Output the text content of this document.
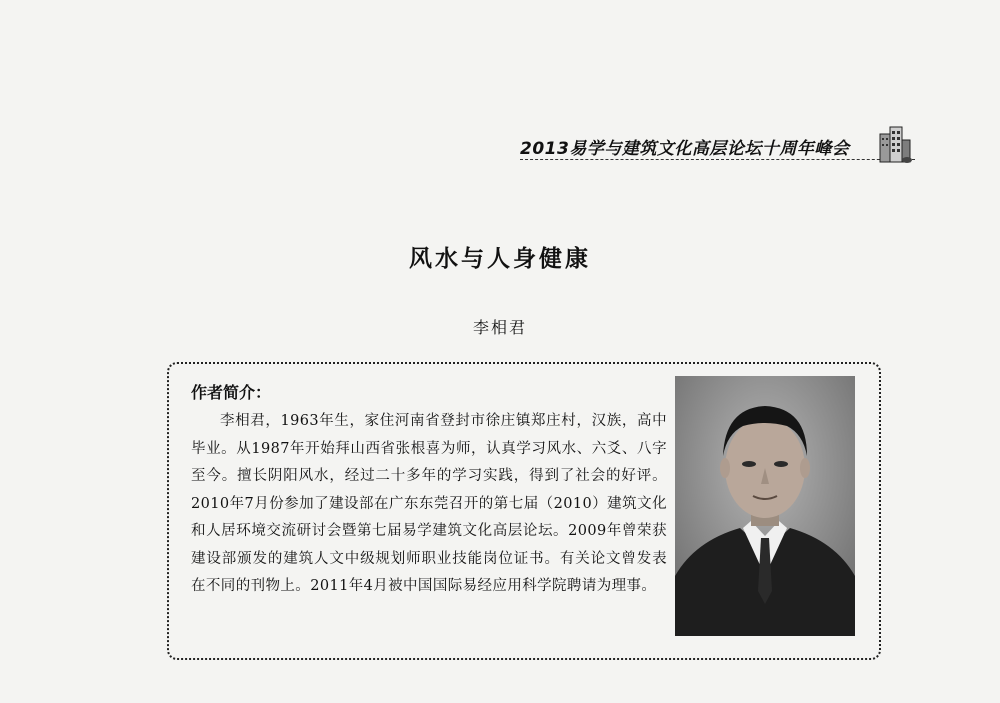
2013易学与建筑文化高层论坛十周年峰会
风水与人身健康
李相君
作者简介：
李相君，1963年生，家住河南省登封市徐庄镇郑庄村，汉族，高中毕业。从1987年开始拜山西省张根喜为师，认真学习风水、六爻、八字至今。擅长阴阳风水，经过二十多年的学习实践，得到了社会的好评。2010年7月份参加了建设部在广东东莞召开的第七届（2010）建筑文化和人居环境交流研讨会暨第七届易学建筑文化高层论坛。2009年曾荣获建设部颁发的建筑人文中级规划师职业技能岗位证书。有关论文曾发表在不同的刊物上。2011年4月被中国国际易经应用科学院聘请为理事。
